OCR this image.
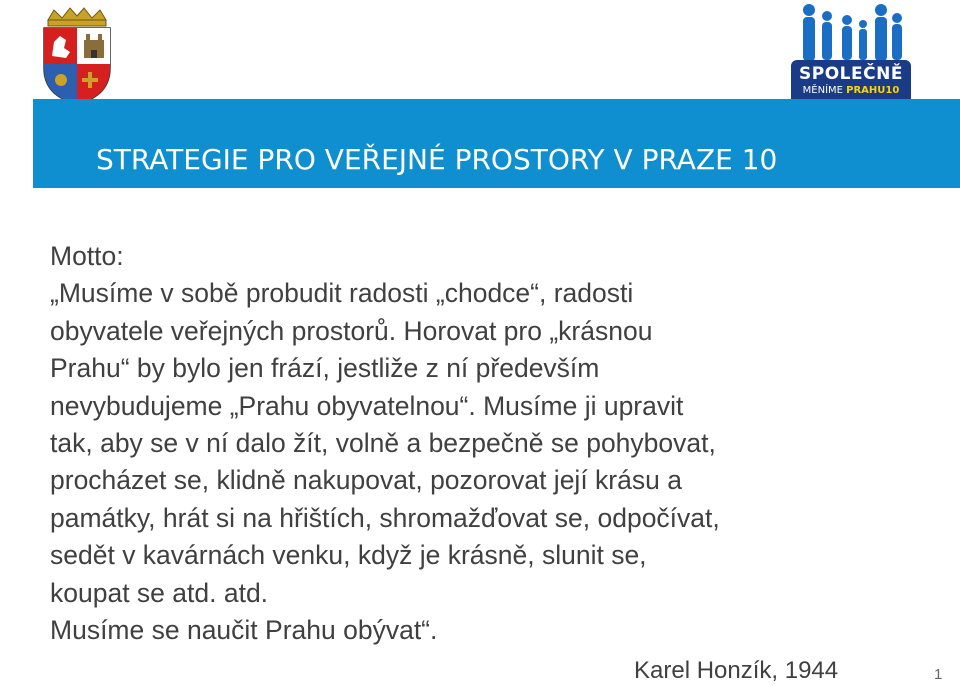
SPOLEČNĚ
MĚNÍME PRAHU10
STRATEGIE PRO VEŘEJNÉ PROSTORY V PRAZE 10
Motto:
„Musíme v sobě probudit radosti „chodce“, radosti
obyvatele veřejných prostorů. Horovat pro „krásnou
Prahu“ by bylo jen frází, jestliže z ní především
nevybudujeme „Prahu obyvatelnou“. Musíme ji upravit
tak, aby se v ní dalo žít, volně a bezpečně se pohybovat,
procházet se, klidně nakupovat, pozorovat její krásu a
památky, hrát si na hřištích, shromažďovat se, odpočívat,
sedět v kavárnách venku, když je krásně, slunit se,
koupat se atd. atd.
Musíme se naučit Prahu obývat“.
Karel Honzík, 1944	1
